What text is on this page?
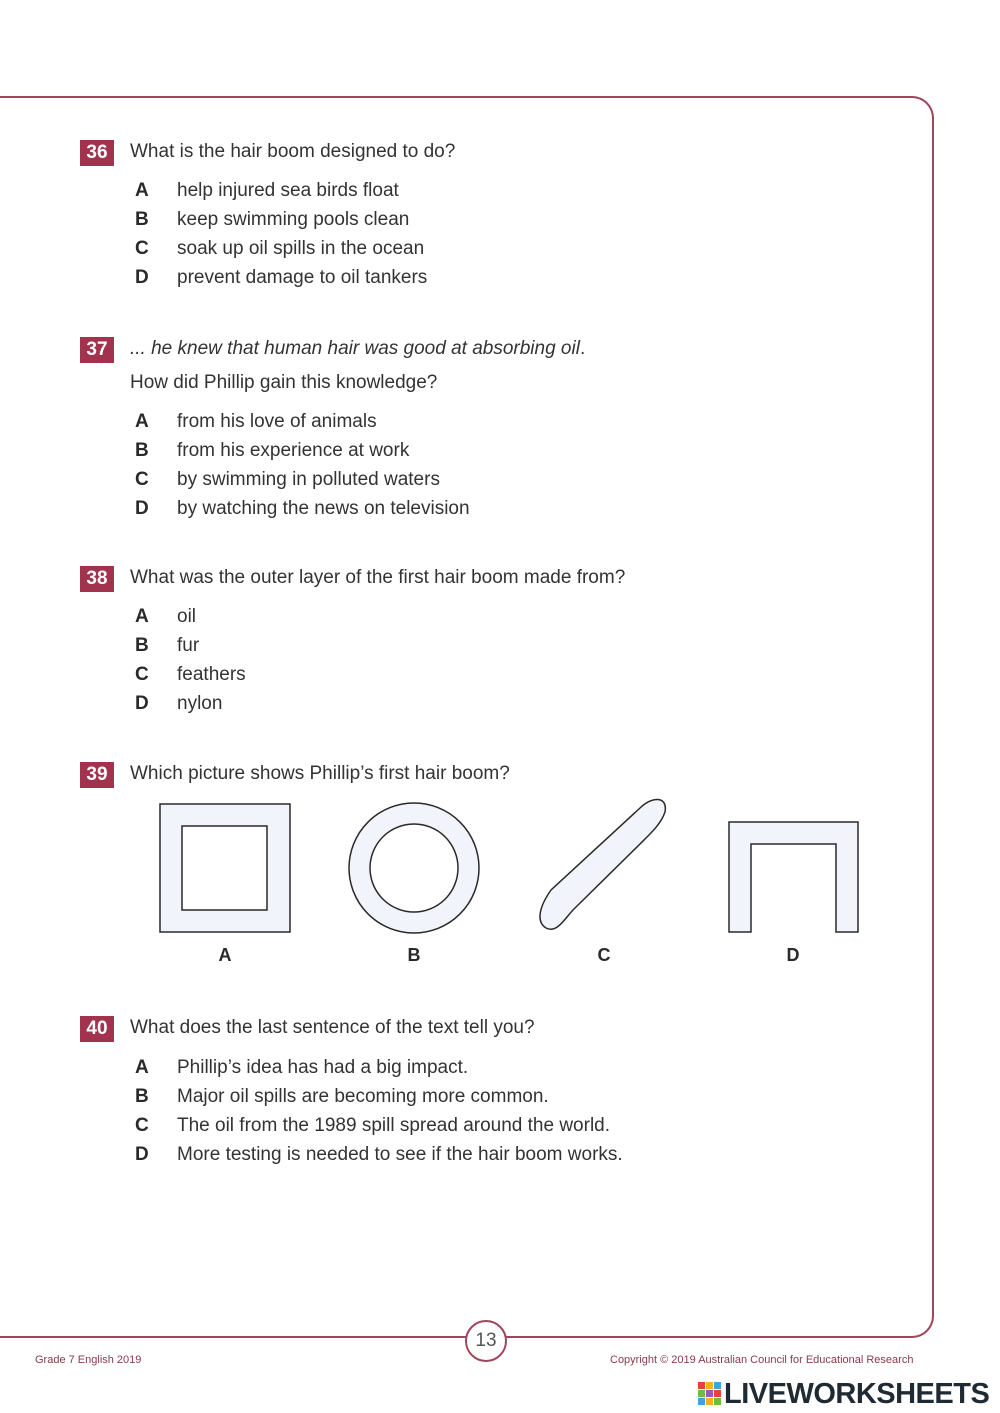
36	What is the hair boom designed to do?
A	help injured sea birds float
B	keep swimming pools clean
C	soak up oil spills in the ocean
D	prevent damage to oil tankers
37	... he knew that human hair was good at absorbing oil.
How did Phillip gain this knowledge?
A	from his love of animals
B	from his experience at work
C	by swimming in polluted waters
D	by watching the news on television
38	What was the outer layer of the first hair boom made from?
A	oil
B	fur
C	feathers
D	nylon
39	Which picture shows Phillip’s first hair boom?
A	B	C	D
40	What does the last sentence of the text tell you?
A	Phillip’s idea has had a big impact.
B	Major oil spills are becoming more common.
C	The oil from the 1989 spill spread around the world.
D	More testing is needed to see if the hair boom works.
13
Grade 7 English 2019	Copyright © 2019 Australian Council for Educational Research
LIVEWORKSHEETS
